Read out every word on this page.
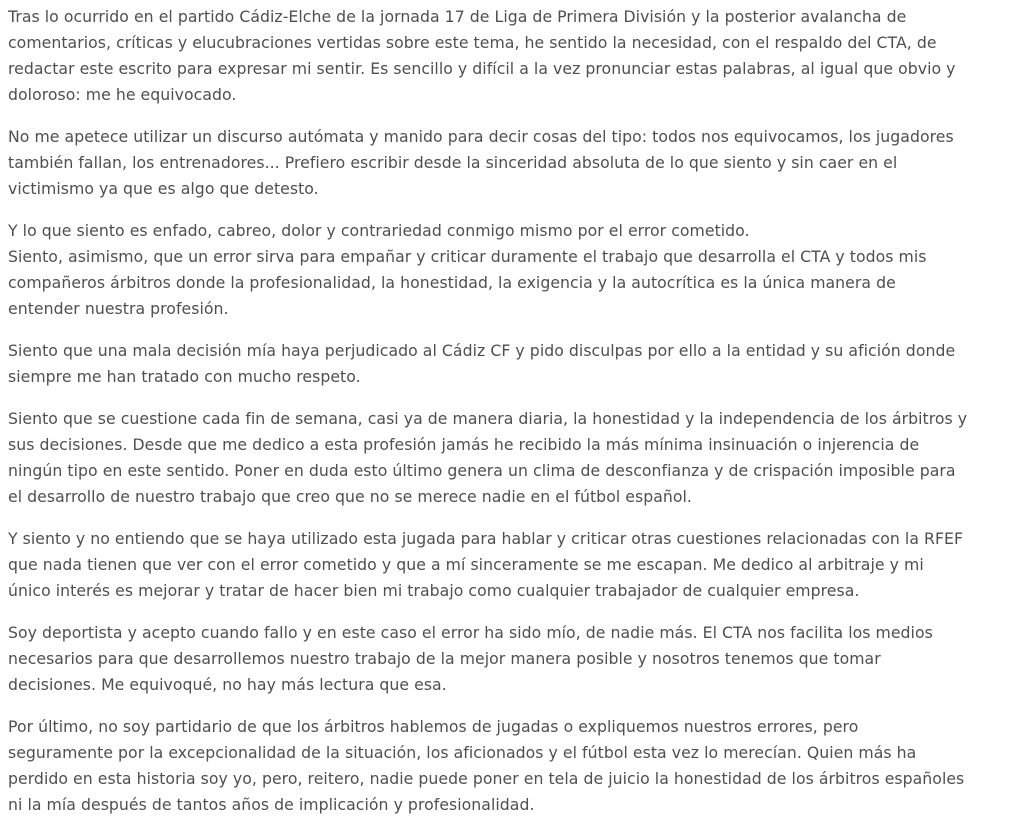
Tras lo ocurrido en el partido Cádiz-Elche de la jornada 17 de Liga de Primera División y la posterior avalancha de
comentarios, críticas y elucubraciones vertidas sobre este tema, he sentido la necesidad, con el respaldo del CTA, de
redactar este escrito para expresar mi sentir. Es sencillo y difícil a la vez pronunciar estas palabras, al igual que obvio y
doloroso: me he equivocado.

No me apetece utilizar un discurso autómata y manido para decir cosas del tipo: todos nos equivocamos, los jugadores
también fallan, los entrenadores... Prefiero escribir desde la sinceridad absoluta de lo que siento y sin caer en el
victimismo ya que es algo que detesto.

Y lo que siento es enfado, cabreo, dolor y contrariedad conmigo mismo por el error cometido.
Siento, asimismo, que un error sirva para empañar y criticar duramente el trabajo que desarrolla el CTA y todos mis
compañeros árbitros donde la profesionalidad, la honestidad, la exigencia y la autocrítica es la única manera de
entender nuestra profesión.

Siento que una mala decisión mía haya perjudicado al Cádiz CF y pido disculpas por ello a la entidad y su afición donde
siempre me han tratado con mucho respeto.

Siento que se cuestione cada fin de semana, casi ya de manera diaria, la honestidad y la independencia de los árbitros y
sus decisiones. Desde que me dedico a esta profesión jamás he recibido la más mínima insinuación o injerencia de
ningún tipo en este sentido. Poner en duda esto último genera un clima de desconfianza y de crispación imposible para
el desarrollo de nuestro trabajo que creo que no se merece nadie en el fútbol español.

Y siento y no entiendo que se haya utilizado esta jugada para hablar y criticar otras cuestiones relacionadas con la RFEF
que nada tienen que ver con el error cometido y que a mí sinceramente se me escapan. Me dedico al arbitraje y mi
único interés es mejorar y tratar de hacer bien mi trabajo como cualquier trabajador de cualquier empresa.

Soy deportista y acepto cuando fallo y en este caso el error ha sido mío, de nadie más. El CTA nos facilita los medios
necesarios para que desarrollemos nuestro trabajo de la mejor manera posible y nosotros tenemos que tomar
decisiones. Me equivoqué, no hay más lectura que esa.

Por último, no soy partidario de que los árbitros hablemos de jugadas o expliquemos nuestros errores, pero
seguramente por la excepcionalidad de la situación, los aficionados y el fútbol esta vez lo merecían. Quien más ha
perdido en esta historia soy yo, pero, reitero, nadie puede poner en tela de juicio la honestidad de los árbitros españoles
ni la mía después de tantos años de implicación y profesionalidad.
